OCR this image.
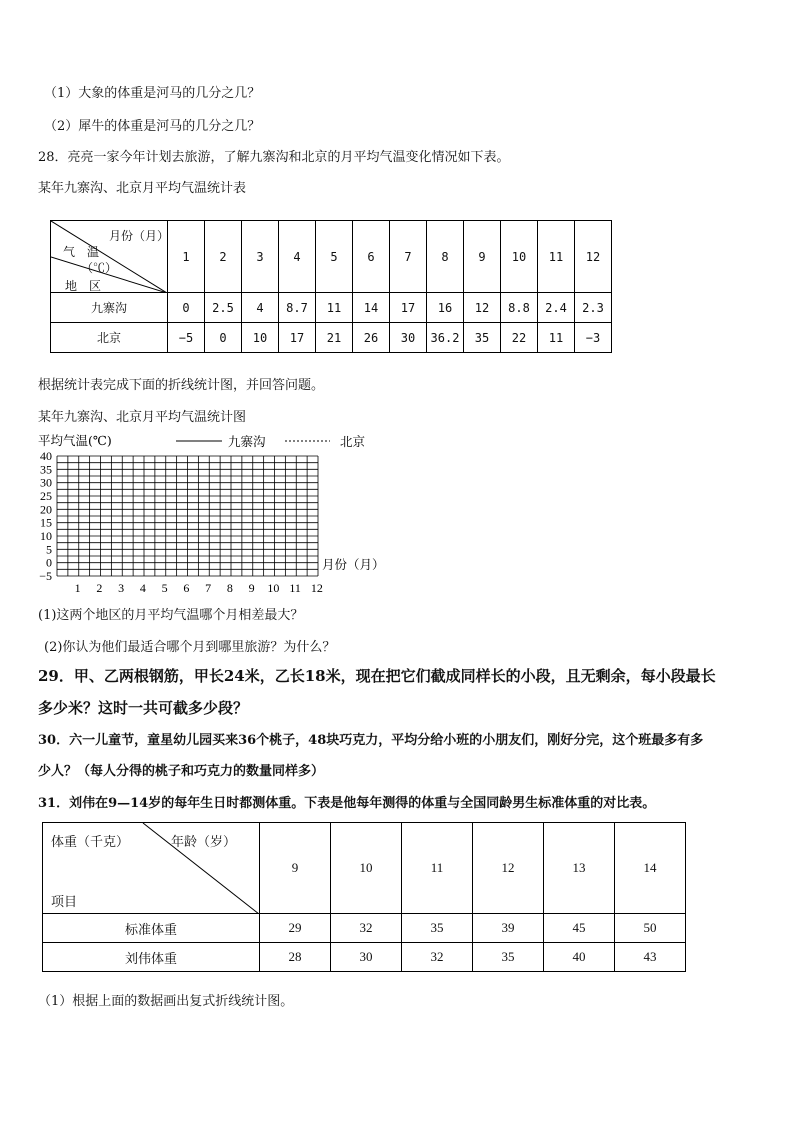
（1）大象的体重是河马的几分之几？
（2）犀牛的体重是河马的几分之几？
28．亮亮一家今年计划去旅游，了解九寨沟和北京的月平均气温变化情况如下表。
某年九寨沟、北京月平均气温统计表
月份（月）
气　温
（℃）
地　区	1	2	3	4	5	6	7	8	9	10	11	12
九寨沟	0	2.5	4	8.7	11	14	17	16	12	8.8	2.4	2.3
北京	−5	0	10	17	21	26	30	36.2	35	22	11	−3
根据统计表完成下面的折线统计图，并回答问题。
某年九寨沟、北京月平均气温统计图
40
35
30
25
20
15
10
5
0
−5
1 2 3 4 5 6 7 8 9 10 11 12
平均气温(℃)
月份（月）
九寨沟	北京
(1)这两个地区的月平均气温哪个月相差最大？
(2)你认为他们最适合哪个月到哪里旅游？为什么？
29．甲、乙两根钢筋，甲长24米，乙长18米，现在把它们截成同样长的小段，且无剩余，每小段最长
多少米？这时一共可截多少段？
30．六一儿童节，童星幼儿园买来36个桃子，48块巧克力，平均分给小班的小朋友们，刚好分完，这个班最多有多
少人？（每人分得的桃子和巧克力的数量同样多）
31．刘伟在9—14岁的每年生日时都测体重。下表是他每年测得的体重与全国同龄男生标准体重的对比表。
体重（千克） 年龄（岁）
项目	9	10	11	12	13	14
标准体重	29	32	35	39	45	50
刘伟体重	28	30	32	35	40	43
（1）根据上面的数据画出复式折线统计图。
